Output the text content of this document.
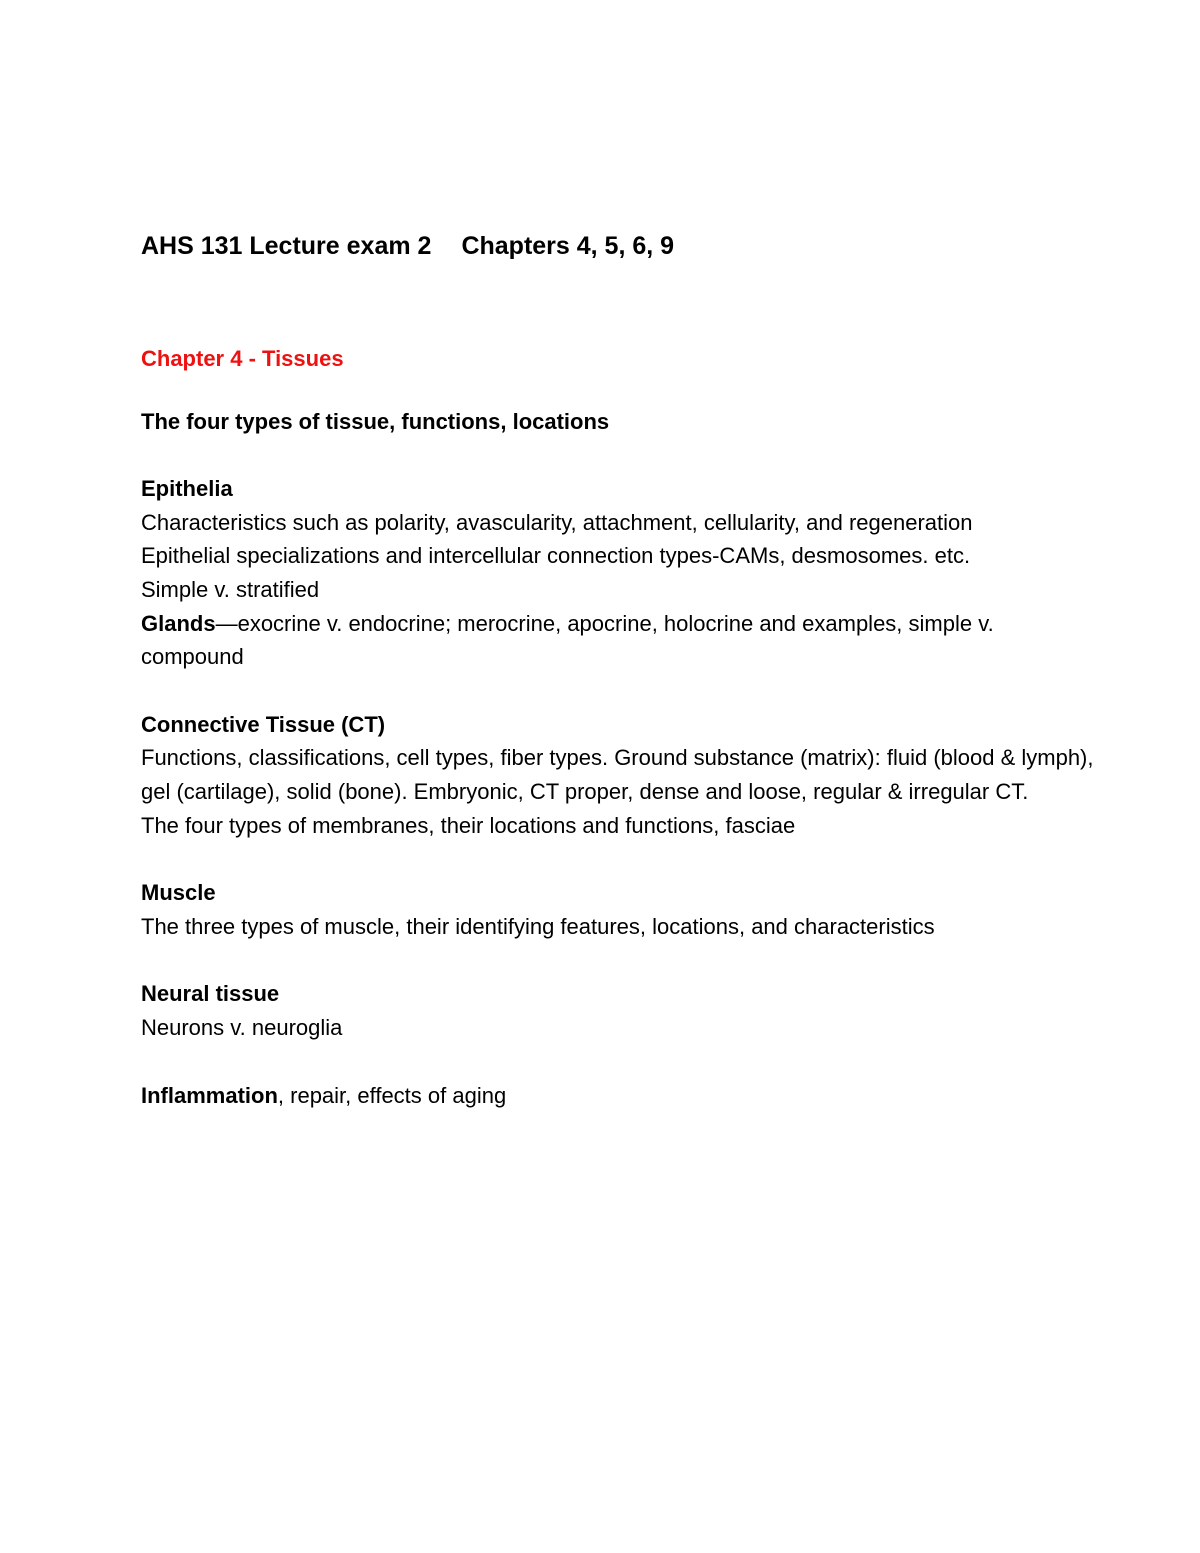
AHS 131 Lecture exam 2 Chapters 4, 5, 6, 9

Chapter 4 - Tissues

The four types of tissue, functions, locations

Epithelia

Characteristics such as polarity, avascularity, attachment, cellularity, and regeneration

Epithelial specializations and intercellular connection types-CAMs, desmosomes. etc.

Simple v. stratified

Glands—exocrine v. endocrine; merocrine, apocrine, holocrine and examples, simple v. compound

Connective Tissue (CT)

Functions, classifications, cell types, fiber types. Ground substance (matrix): fluid (blood & lymph), gel (cartilage), solid (bone). Embryonic, CT proper, dense and loose, regular & irregular CT.

The four types of membranes, their locations and functions, fasciae

Muscle

The three types of muscle, their identifying features, locations, and characteristics

Neural tissue

Neurons v. neuroglia

Inflammation, repair, effects of aging
